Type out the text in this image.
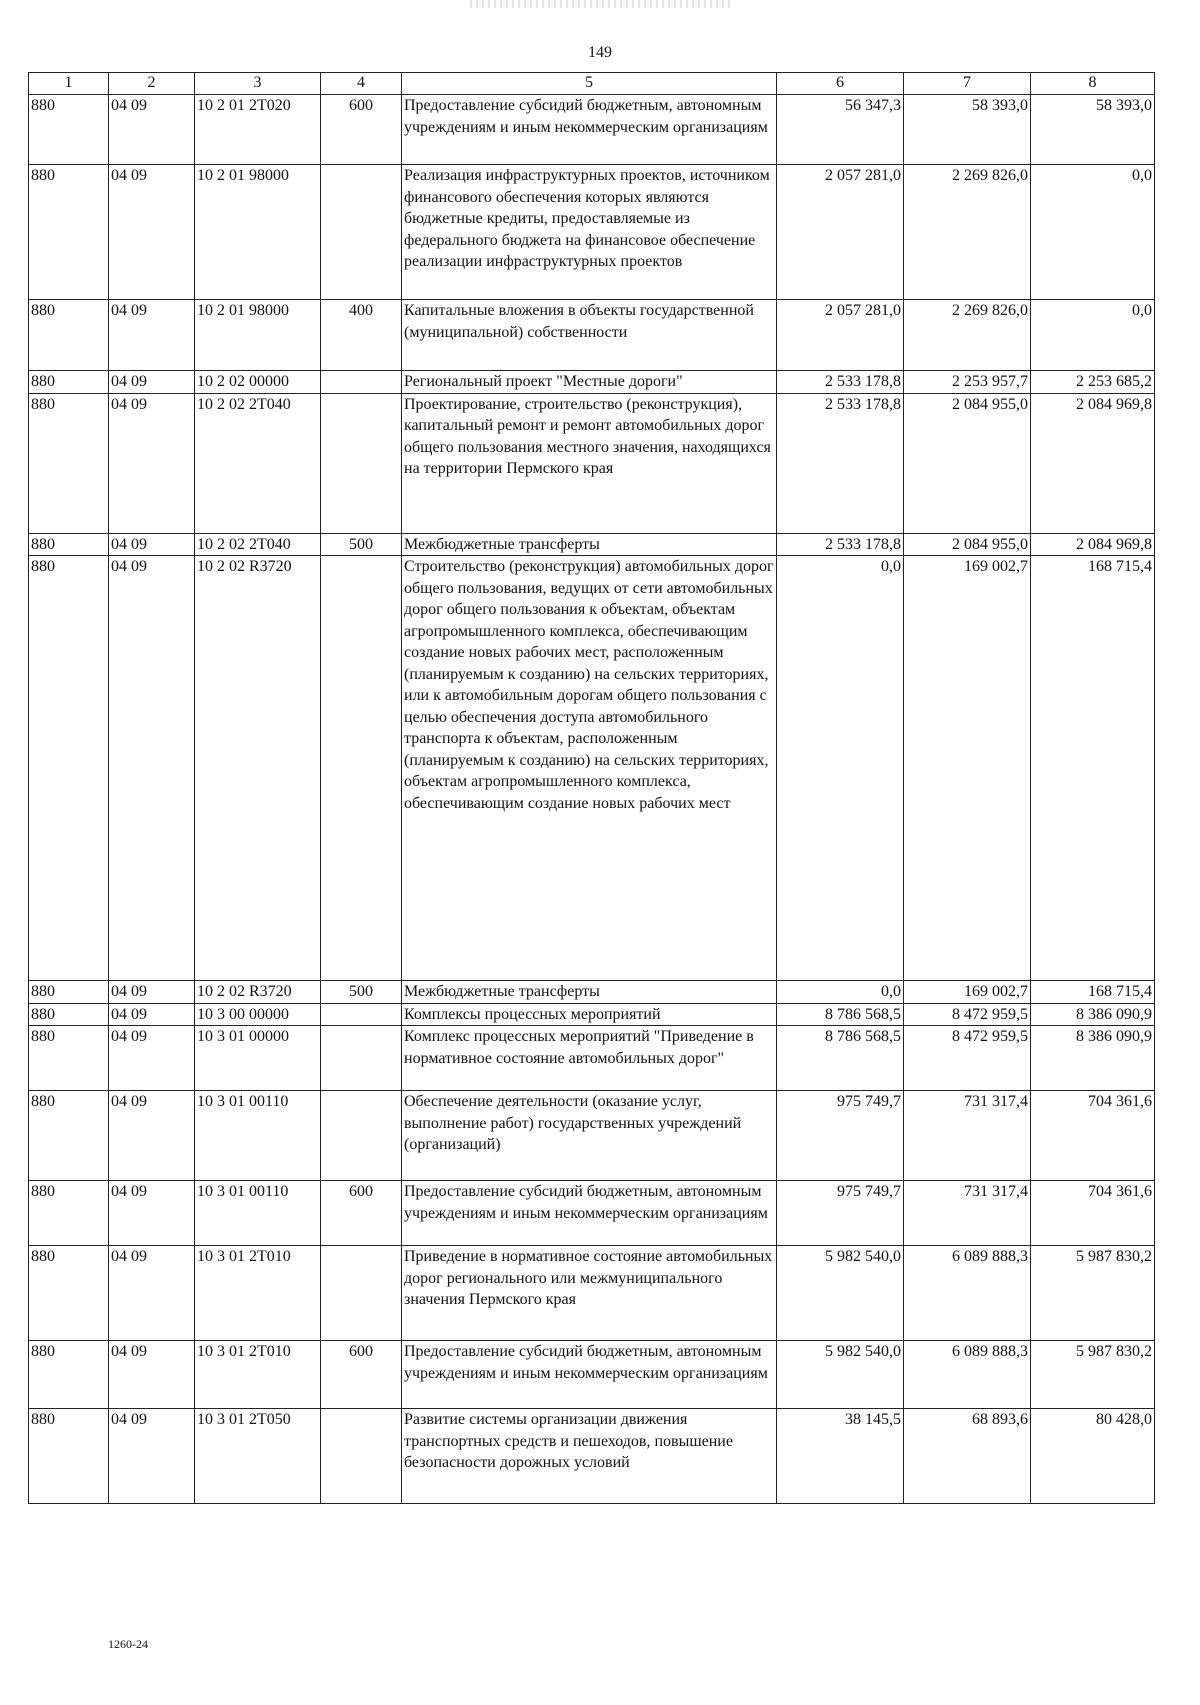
149
1	2	3	4	5	6	7	8
880	04 09	10 2 01 2T020	600	Предоставление субсидий бюджетным, автономным учреждениям и иным некоммерческим организациям	56 347,3	58 393,0	58 393,0
880	04 09	10 2 01 98000		Реализация инфраструктурных проектов, источником финансового обеспечения которых являются бюджетные кредиты, предоставляемые из федерального бюджета на финансовое обеспечение реализации инфраструктурных проектов	2 057 281,0	2 269 826,0	0,0
880	04 09	10 2 01 98000	400	Капитальные вложения в объекты государственной (муниципальной) собственности	2 057 281,0	2 269 826,0	0,0
880	04 09	10 2 02 00000		Региональный проект "Местные дороги"	2 533 178,8	2 253 957,7	2 253 685,2
880	04 09	10 2 02 2T040		Проектирование, строительство (реконструкция), капитальный ремонт и ремонт автомобильных дорог общего пользования местного значения, находящихся на территории Пермского края	2 533 178,8	2 084 955,0	2 084 969,8
880	04 09	10 2 02 2T040	500	Межбюджетные трансферты	2 533 178,8	2 084 955,0	2 084 969,8
880	04 09	10 2 02 R3720		Строительство (реконструкция) автомобильных дорог общего пользования, ведущих от сети автомобильных дорог общего пользования к объектам, объектам агропромышленного комплекса, обеспечивающим создание новых рабочих мест, расположенным (планируемым к созданию) на сельских территориях, или к автомобильным дорогам общего пользования с целью обеспечения доступа автомобильного транспорта к объектам, расположенным (планируемым к созданию) на сельских территориях, объектам агропромышленного комплекса, обеспечивающим создание новых рабочих мест	0,0	169 002,7	168 715,4
880	04 09	10 2 02 R3720	500	Межбюджетные трансферты	0,0	169 002,7	168 715,4
880	04 09	10 3 00 00000		Комплексы процессных мероприятий	8 786 568,5	8 472 959,5	8 386 090,9
880	04 09	10 3 01 00000		Комплекс процессных мероприятий "Приведение в нормативное состояние автомобильных дорог"	8 786 568,5	8 472 959,5	8 386 090,9
880	04 09	10 3 01 00110		Обеспечение деятельности (оказание услуг, выполнение работ) государственных учреждений (организаций)	975 749,7	731 317,4	704 361,6
880	04 09	10 3 01 00110	600	Предоставление субсидий бюджетным, автономным учреждениям и иным некоммерческим организациям	975 749,7	731 317,4	704 361,6
880	04 09	10 3 01 2T010		Приведение в нормативное состояние автомобильных дорог регионального или межмуниципального значения Пермского края	5 982 540,0	6 089 888,3	5 987 830,2
880	04 09	10 3 01 2T010	600	Предоставление субсидий бюджетным, автономным учреждениям и иным некоммерческим организациям	5 982 540,0	6 089 888,3	5 987 830,2
880	04 09	10 3 01 2T050		Развитие системы организации движения транспортных средств и пешеходов, повышение безопасности дорожных условий	38 145,5	68 893,6	80 428,0
1260-24
